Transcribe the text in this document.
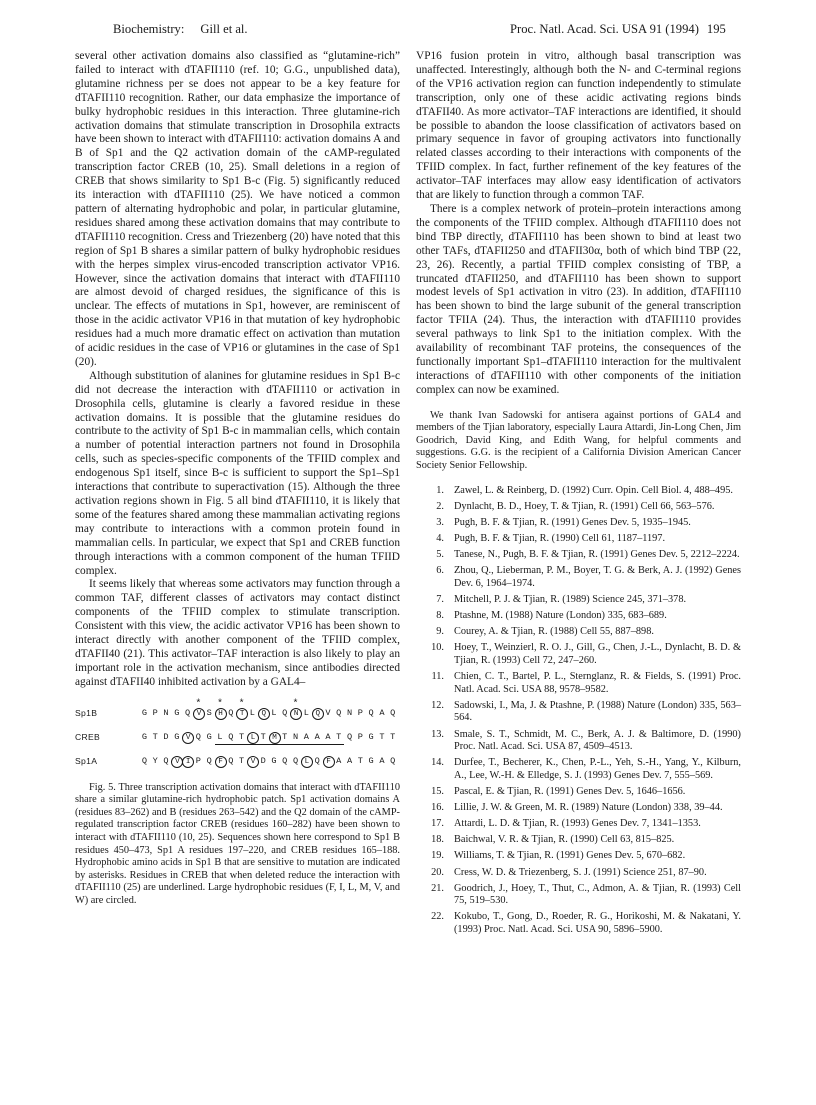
Biochemistry: Gill et al.	Proc. Natl. Acad. Sci. USA 91 (1994) 195

several other activation domains also classified as “glutamine-rich” failed to interact with dTAFII110 (ref. 10; G.G., unpublished data), glutamine richness per se does not appear to be a key feature for dTAFII110 recognition. Rather, our data emphasize the importance of bulky hydrophobic residues in this interaction. Three glutamine-rich activation domains that stimulate transcription in Drosophila extracts have been shown to interact with dTAFII110: activation domains A and B of Sp1 and the Q2 activation domain of the cAMP-regulated transcription factor CREB (10, 25). Small deletions in a region of CREB that shows similarity to Sp1 B-c (Fig. 5) significantly reduced its interaction with dTAFII110 (25). We have noticed a common pattern of alternating hydrophobic and polar, in particular glutamine, residues shared among these activation domains that may contribute to dTAFII110 recognition. Cress and Triezenberg (20) have noted that this region of Sp1 B shares a similar pattern of bulky hydrophobic residues with the herpes simplex virus-encoded transcription activator VP16. However, since the activation domains that interact with dTAFII110 are almost devoid of charged residues, the significance of this is unclear. The effects of mutations in Sp1, however, are reminiscent of those in the acidic activator VP16 in that mutation of key hydrophobic residues had a much more dramatic effect on activation than mutation of acidic residues in the case of VP16 or glutamines in the case of Sp1 (20).

Although substitution of alanines for glutamine residues in Sp1 B-c did not decrease the interaction with dTAFII110 or activation in Drosophila cells, glutamine is clearly a favored residue in these activation domains. It is possible that the glutamine residues do contribute to the activity of Sp1 B-c in mammalian cells, which contain a number of potential interaction partners not found in Drosophila cells, such as species-specific components of the TFIID complex and endogenous Sp1 itself, since B-c is sufficient to support the Sp1–Sp1 interactions that contribute to superactivation (15). Although the three activation regions shown in Fig. 5 all bind dTAFII110, it is likely that some of the features shared among these mammalian activating regions may contribute to interactions with a common protein found in mammalian cells. In particular, we expect that Sp1 and CREB function through interactions with a common component of the human TFIID complex.

It seems likely that whereas some activators may function through a common TAF, different classes of activators may contact distinct components of the TFIID complex to stimulate transcription. Consistent with this view, the acidic activator VP16 has been shown to interact directly with another component of the TFIID complex, dTAFII40 (21). This activator–TAF interaction is also likely to play an important role in the activation mechanism, since antibodies directed against dTAFII40 inhibited activation by a GAL4–

Sp1B	G P N G Q * V S * H Q * T L Q L Q * N L Q V Q N P Q A Q
CREB	G T D G V Q G L Q T L T M T N A A A T Q P G T T
Sp1A	Q Y Q V I P Q F Q T V D G Q Q L Q F A A T G A Q

Fig. 5. Three transcription activation domains that interact with dTAFII110 share a similar glutamine-rich hydrophobic patch. Sp1 activation domains A (residues 83–262) and B (residues 263–542) and the Q2 domain of the cAMP-regulated transcription factor CREB (residues 160–282) have been shown to interact with dTAFII110 (10, 25). Sequences shown here correspond to Sp1 B residues 450–473, Sp1 A residues 197–220, and CREB residues 165–188. Hydrophobic amino acids in Sp1 B that are sensitive to mutation are indicated by asterisks. Residues in CREB that when deleted reduce the interaction with dTAFII110 (25) are underlined. Large hydrophobic residues (F, I, L, M, V, and W) are circled.

VP16 fusion protein in vitro, although basal transcription was unaffected. Interestingly, although both the N- and C-terminal regions of the VP16 activation region can function independently to stimulate transcription, only one of these acidic activating regions binds dTAFII40. As more activator–TAF interactions are identified, it should be possible to abandon the loose classification of activators based on primary sequence in favor of grouping activators into functionally related classes according to their interactions with components of the TFIID complex. In fact, further refinement of the key features of the activator–TAF interfaces may allow easy identification of activators that are likely to function through a common TAF.

There is a complex network of protein–protein interactions among the components of the TFIID complex. Although dTAFII110 does not bind TBP directly, dTAFII110 has been shown to bind at least two other TAFs, dTAFII250 and dTAFII30α, both of which bind TBP (22, 23, 26). Recently, a partial TFIID complex consisting of TBP, a truncated dTAFII250, and dTAFII110 has been shown to support modest levels of Sp1 activation in vitro (23). In addition, dTAFII110 has been shown to bind the large subunit of the general transcription factor TFIIA (24). Thus, the interaction with dTAFII110 provides several pathways to link Sp1 to the initiation complex. With the availability of recombinant TAF proteins, the consequences of the functionally important Sp1–dTAFII110 interaction for the multivalent interactions of dTAFII110 with other components of the initiation complex can now be examined.

We thank Ivan Sadowski for antisera against portions of GAL4 and members of the Tjian laboratory, especially Laura Attardi, Jin-Long Chen, Jim Goodrich, David King, and Edith Wang, for helpful comments and suggestions. G.G. is the recipient of a California Division American Cancer Society Senior Fellowship.

1. Zawel, L. & Reinberg, D. (1992) Curr. Opin. Cell Biol. 4, 488–495.
2. Dynlacht, B. D., Hoey, T. & Tjian, R. (1991) Cell 66, 563–576.
3. Pugh, B. F. & Tjian, R. (1991) Genes Dev. 5, 1935–1945.
4. Pugh, B. F. & Tjian, R. (1990) Cell 61, 1187–1197.
5. Tanese, N., Pugh, B. F. & Tjian, R. (1991) Genes Dev. 5, 2212–2224.
6. Zhou, Q., Lieberman, P. M., Boyer, T. G. & Berk, A. J. (1992) Genes Dev. 6, 1964–1974.
7. Mitchell, P. J. & Tjian, R. (1989) Science 245, 371–378.
8. Ptashne, M. (1988) Nature (London) 335, 683–689.
9. Courey, A. & Tjian, R. (1988) Cell 55, 887–898.
10. Hoey, T., Weinzierl, R. O. J., Gill, G., Chen, J.-L., Dynlacht, B. D. & Tjian, R. (1993) Cell 72, 247–260.
11. Chien, C. T., Bartel, P. L., Sternglanz, R. & Fields, S. (1991) Proc. Natl. Acad. Sci. USA 88, 9578–9582.
12. Sadowski, I., Ma, J. & Ptashne, P. (1988) Nature (London) 335, 563–564.
13. Smale, S. T., Schmidt, M. C., Berk, A. J. & Baltimore, D. (1990) Proc. Natl. Acad. Sci. USA 87, 4509–4513.
14. Durfee, T., Becherer, K., Chen, P.-L., Yeh, S.-H., Yang, Y., Kilburn, A., Lee, W.-H. & Elledge, S. J. (1993) Genes Dev. 7, 555–569.
15. Pascal, E. & Tjian, R. (1991) Genes Dev. 5, 1646–1656.
16. Lillie, J. W. & Green, M. R. (1989) Nature (London) 338, 39–44.
17. Attardi, L. D. & Tjian, R. (1993) Genes Dev. 7, 1341–1353.
18. Baichwal, V. R. & Tjian, R. (1990) Cell 63, 815–825.
19. Williams, T. & Tjian, R. (1991) Genes Dev. 5, 670–682.
20. Cress, W. D. & Triezenberg, S. J. (1991) Science 251, 87–90.
21. Goodrich, J., Hoey, T., Thut, C., Admon, A. & Tjian, R. (1993) Cell 75, 519–530.
22. Kokubo, T., Gong, D., Roeder, R. G., Horikoshi, M. & Nakatani, Y. (1993) Proc. Natl. Acad. Sci. USA 90, 5896–5900.
